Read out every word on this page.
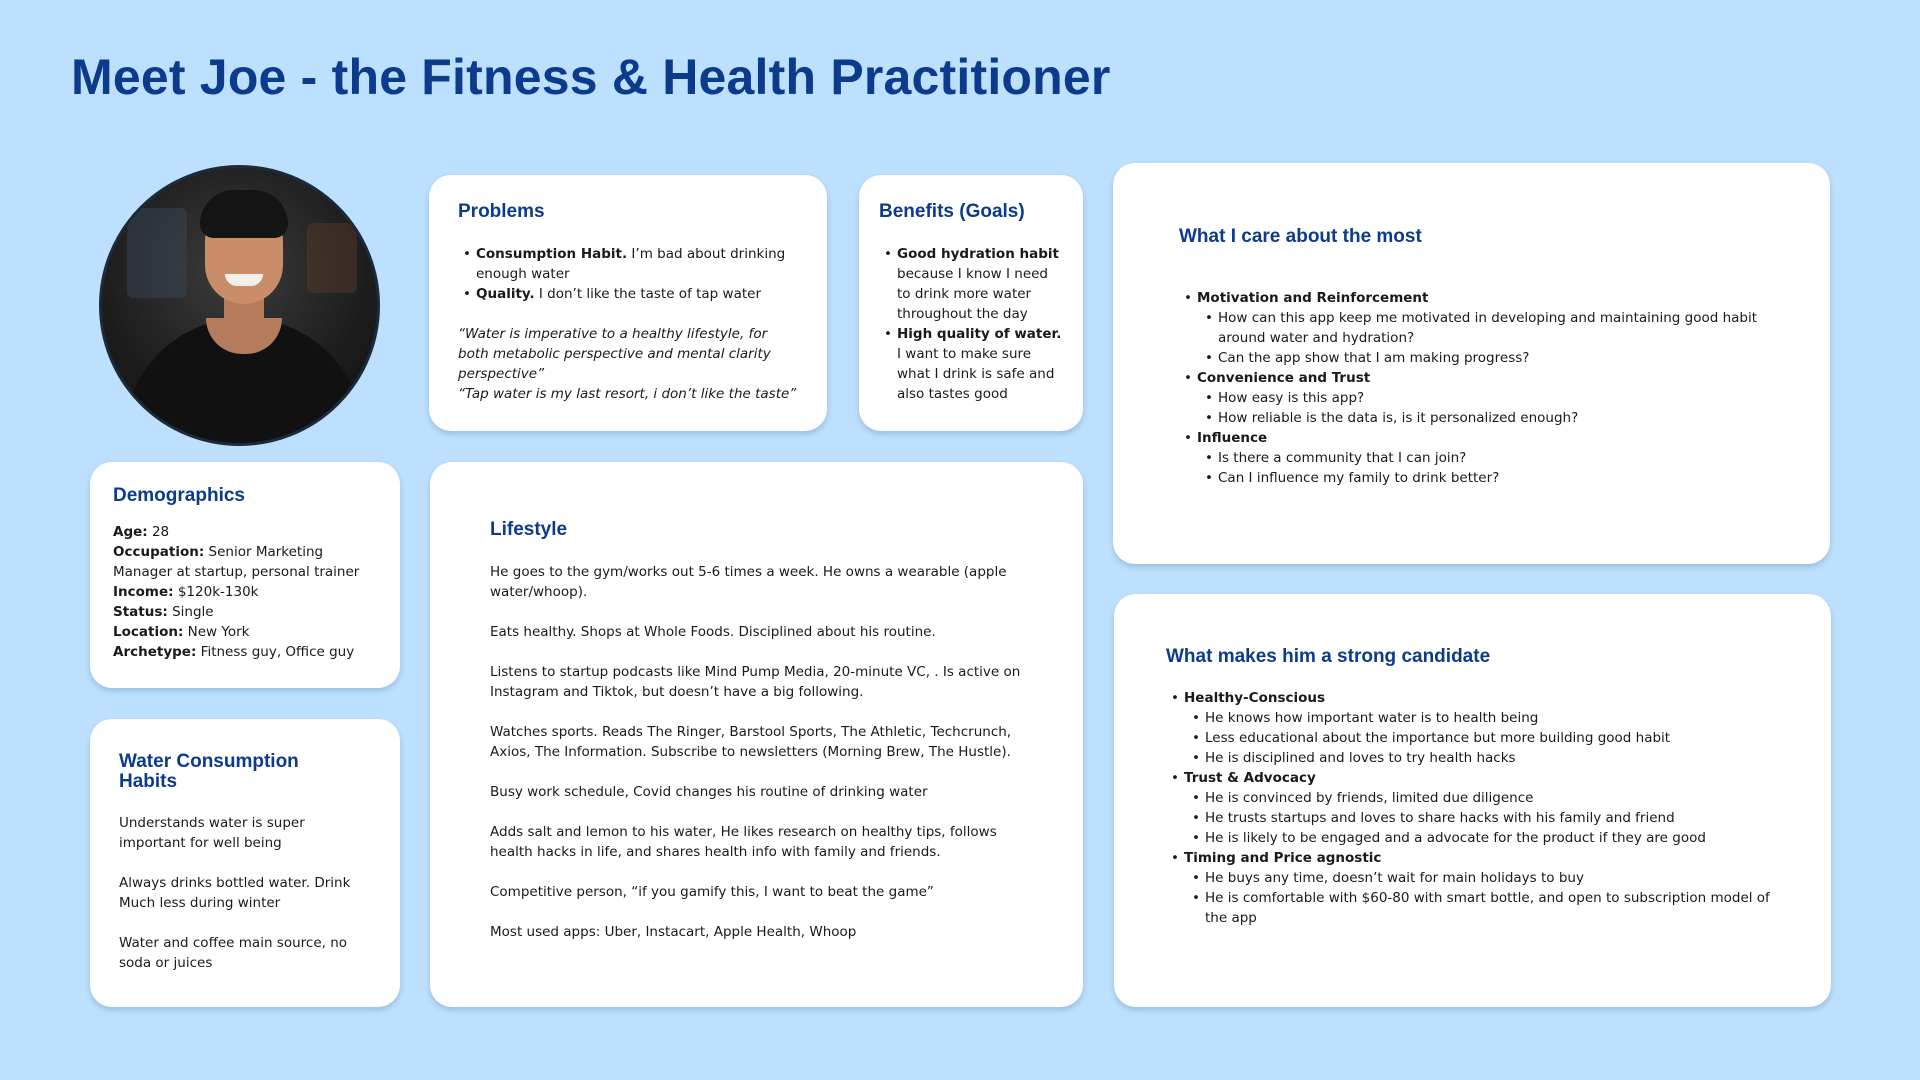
Meet Joe - the Fitness & Health Practitioner
Demographics
Age: 28
Occupation: Senior Marketing Manager at startup, personal trainer
Income: $120k-130k
Status: Single
Location: New York
Archetype: Fitness guy, Office guy
Water Consumption Habits

Understands water is super important for well being

Always drinks bottled water. Drink Much less during winter

Water and coffee main source, no soda or juices

Problems
• Consumption Habit. I’m bad about drinking enough water
• Quality. I don’t like the taste of tap water
“Water is imperative to a healthy lifestyle, for both metabolic perspective and mental clarity perspective”
“Tap water is my last resort, i don’t like the taste”
Benefits (Goals)
• Good hydration habit because I know I need to drink more water throughout the day
• High quality of water. I want to make sure what I drink is safe and also tastes good
Lifestyle

He goes to the gym/works out 5-6 times a week. He owns a wearable (apple water/whoop).

Eats healthy. Shops at Whole Foods. Disciplined about his routine.

Listens to startup podcasts like Mind Pump Media, 20-minute VC, . Is active on Instagram and Tiktok, but doesn’t have a big following.

Watches sports. Reads The Ringer, Barstool Sports, The Athletic, Techcrunch, Axios, The Information. Subscribe to newsletters (Morning Brew, The Hustle).

Busy work schedule, Covid changes his routine of drinking water

Adds salt and lemon to his water, He likes research on healthy tips, follows health hacks in life, and shares health info with family and friends.

Competitive person, “if you gamify this, I want to beat the game”

Most used apps: Uber, Instacart, Apple Health, Whoop

What I care about the most
• Motivation and Reinforcement
• How can this app keep me motivated in developing and maintaining good habit around water and hydration?
• Can the app show that I am making progress?
• Convenience and Trust
• How easy is this app?
• How reliable is the data is, is it personalized enough?
• Influence
• Is there a community that I can join?
• Can I influence my family to drink better?
What makes him a strong candidate
• Healthy-Conscious
• He knows how important water is to health being
• Less educational about the importance but more building good habit
• He is disciplined and loves to try health hacks
• Trust & Advocacy
• He is convinced by friends, limited due diligence
• He trusts startups and loves to share hacks with his family and friend
• He is likely to be engaged and a advocate for the product if they are good
• Timing and Price agnostic
• He buys any time, doesn’t wait for main holidays to buy
• He is comfortable with $60-80 with smart bottle, and open to subscription model of the app
